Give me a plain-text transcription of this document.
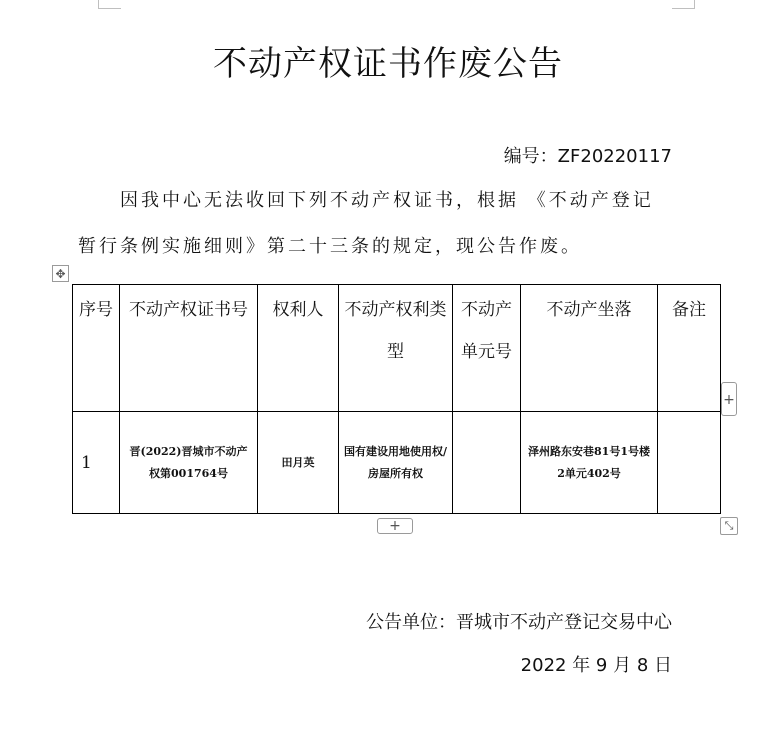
不动产权证书作废公告
编号：ZF20220117
因我中心无法收回下列不动产权证书，根据 《不动产登记暂行条例实施细则》第二十三条的规定，现公告作废。
✥
序号	不动产权证书号	权利人	不动产权利类型	不动产单元号	不动产坐落	备注
1	晋(2022)晋城市不动产权第001764号	田月英	国有建设用地使用权/房屋所有权		泽州路东安巷81号1号楼2单元402号	
+
+	⤡
公告单位：晋城市不动产登记交易中心
2022 年 9 月 8 日
